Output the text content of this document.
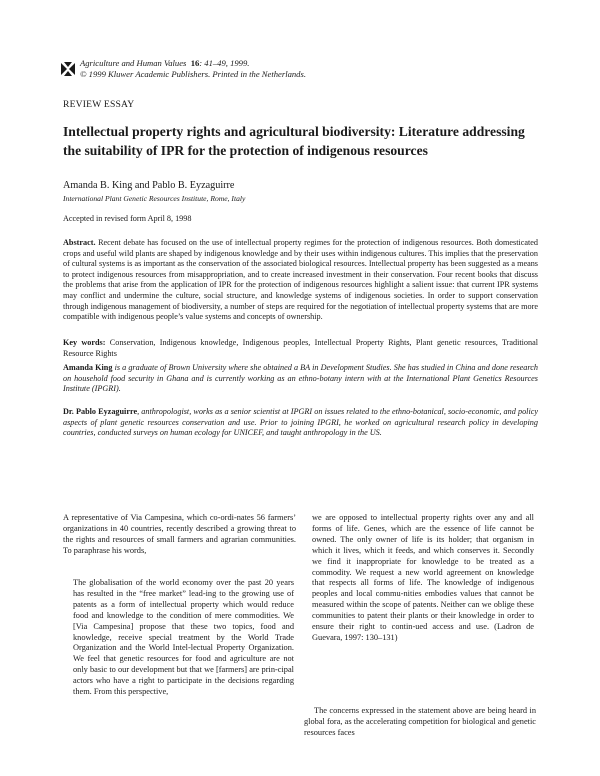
Agriculture and Human Values 16: 41–49, 1999.
© 1999 Kluwer Academic Publishers. Printed in the Netherlands.
REVIEW ESSAY
Intellectual property rights and agricultural biodiversity: Literature addressing the suitability of IPR for the protection of indigenous resources
Amanda B. King and Pablo B. Eyzaguirre
International Plant Genetic Resources Institute, Rome, Italy
Accepted in revised form April 8, 1998
Abstract. Recent debate has focused on the use of intellectual property regimes for the protection of indigenous resources. Both domesticated crops and useful wild plants are shaped by indigenous knowledge and by their uses within indigenous cultures. This implies that the preservation of cultural systems is as important as the conservation of the associated biological resources. Intellectual property has been suggested as a means to protect indigenous resources from misappropriation, and to create increased investment in their conservation. Four recent books that discuss the problems that arise from the application of IPR for the protection of indigenous resources highlight a salient issue: that current IPR systems may conflict and undermine the culture, social structure, and knowledge systems of indigenous societies. In order to support conservation through indigenous management of biodiversity, a number of steps are required for the negotiation of intellectual property systems that are more compatible with indigenous people’s value systems and concepts of ownership.
Key words: Conservation, Indigenous knowledge, Indigenous peoples, Intellectual Property Rights, Plant genetic resources, Traditional Resource Rights
Amanda King is a graduate of Brown University where she obtained a BA in Development Studies. She has studied in China and done research on household food security in Ghana and is currently working as an ethno-botany intern with at the International Plant Genetics Resources Institute (IPGRI).
Dr. Pablo Eyzaguirre, anthropologist, works as a senior scientist at IPGRI on issues related to the ethno-botanical, socio-economic, and policy aspects of plant genetic resources conservation and use. Prior to joining IPGRI, he worked on agricultural research policy in developing countries, conducted surveys on human ecology for UNICEF, and taught anthropology in the US.
A representative of Via Campesina, which co-ordi-nates 56 farmers’ organizations in 40 countries, recently described a growing threat to the rights and resources of small farmers and agrarian communities. To paraphrase his words,
The globalisation of the world economy over the past 20 years has resulted in the “free market” lead-ing to the growing use of patents as a form of intellectual property which would reduce food and knowledge to the condition of mere commodities. We [Via Campesina] propose that these two topics, food and knowledge, receive special treatment by the World Trade Organization and the World Intel-lectual Property Organization. We feel that genetic resources for food and agriculture are not only basic to our development but that we [farmers] are prin-cipal actors who have a right to participate in the decisions regarding them. From this perspective,
we are opposed to intellectual property rights over any and all forms of life. Genes, which are the essence of life cannot be owned. The only owner of life is its holder; that organism in which it lives, which it feeds, and which conserves it. Secondly we find it inappropriate for knowledge to be treated as a commodity. We request a new world agreement on knowledge that respects all forms of life. The knowledge of indigenous peoples and local commu-nities embodies values that cannot be measured within the scope of patents. Neither can we oblige these communities to patent their plants or their knowledge in order to ensure their right to contin-ued access and use. (Ladron de Guevara, 1997: 130–131)
The concerns expressed in the statement above are being heard in global fora, as the accelerating competition for biological and genetic resources faces
